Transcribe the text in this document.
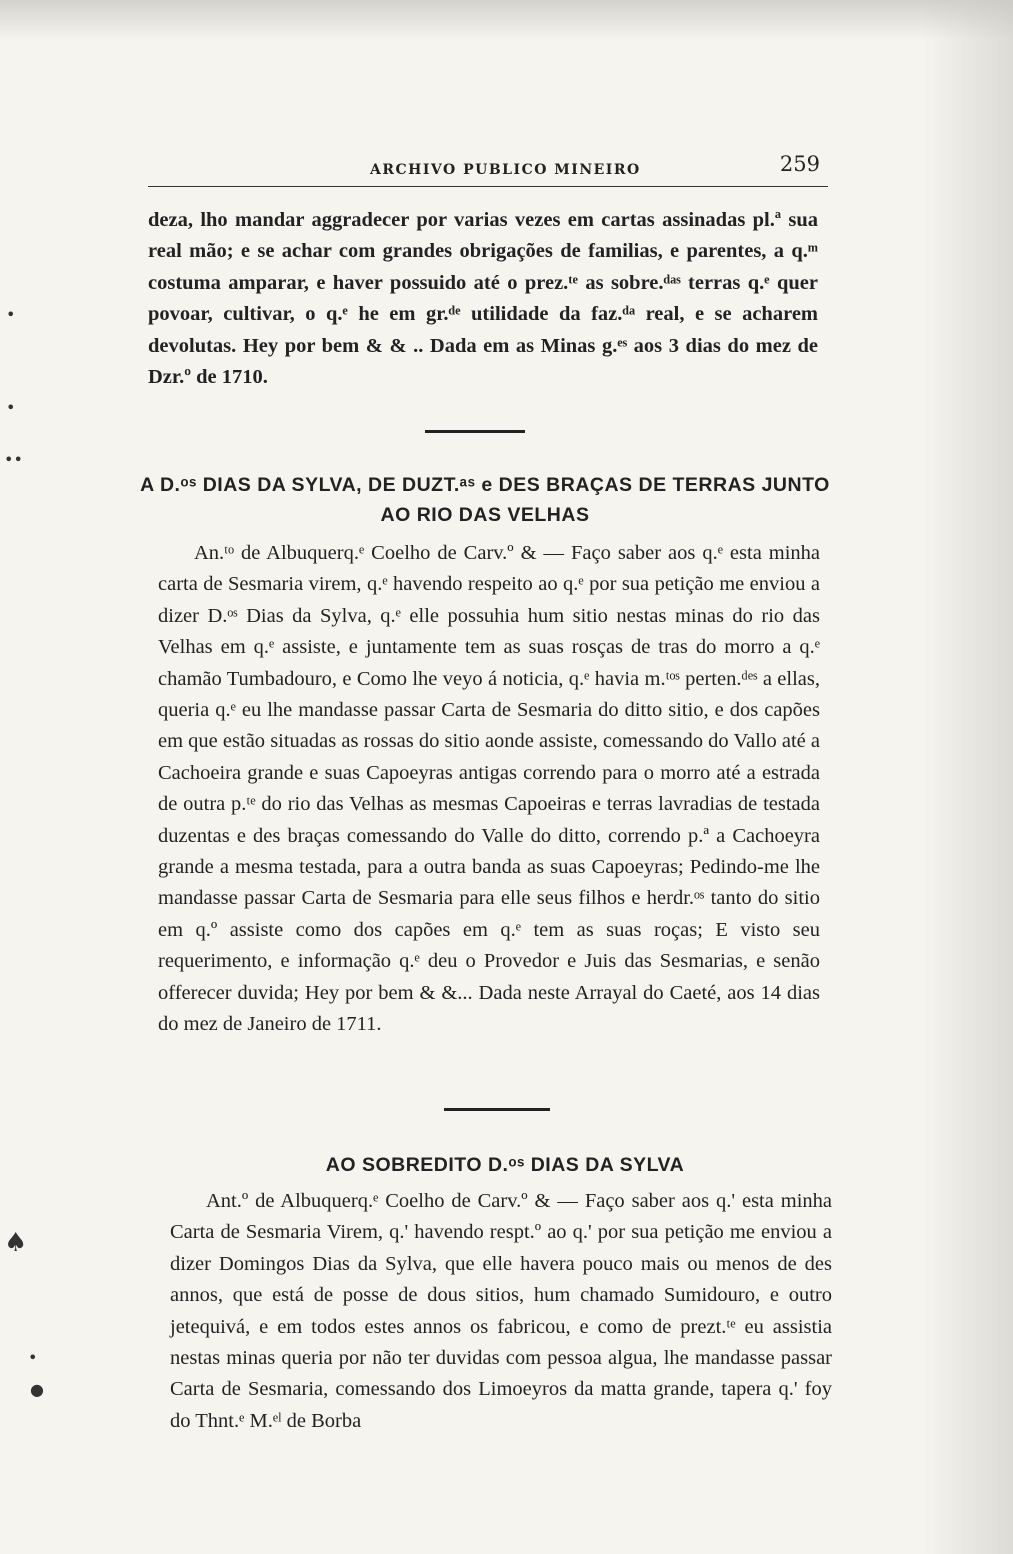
ARCHIVO PUBLICO MINEIRO	259

deza, lho mandar aggradecer por varias vezes em cartas assinadas pl.ª sua real mão; e se achar com grandes obrigações de familias, e parentes, a q.ᵐ costuma amparar, e haver possuido até o prez.ᵗᵉ as sobre.ᵈᵃˢ terras q.ᵉ quer povoar, cultivar, o q.ᵉ he em gr.ᵈᵉ utilidade da faz.ᵈᵃ real, e se acharem devolutas. Hey por bem & & .. Dada em as Minas g.ᵉˢ aos 3 dias do mez de Dzr.º de 1710.

A D.ᵒˢ DIAS DA SYLVA, DE DUZT.ᵃˢ e DES BRAÇAS DE TERRAS JUNTO AO RIO DAS VELHAS

An.ᵗᵒ de Albuquerq.ᵉ Coelho de Carv.º & — Faço saber aos q.ᵉ esta minha carta de Sesmaria virem, q.ᵉ havendo respeito ao q.ᵉ por sua petição me enviou a dizer D.ᵒˢ Dias da Sylva, q.ᵉ elle possuhia hum sitio nestas minas do rio das Velhas em q.ᵉ assiste, e juntamente tem as suas rosças de tras do morro a q.ᵉ chamão Tumbadouro, e Como lhe veyo á noticia, q.ᵉ havia m.ᵗᵒˢ perten.ᵈᵉˢ a ellas, queria q.ᵉ eu lhe mandasse passar Carta de Sesmaria do ditto sitio, e dos capões em que estão situadas as rossas do sitio aonde assiste, comessando do Vallo até a Cachoeira grande e suas Capoeyras antigas correndo para o morro até a estrada de outra p.ᵗᵉ do rio das Velhas as mesmas Capoeiras e terras lavradias de testada duzentas e des braças comessando do Valle do ditto, correndo p.ª a Cachoeyra grande a mesma testada, para a outra banda as suas Capoeyras; Pedindo-me lhe mandasse passar Carta de Sesmaria para elle seus filhos e herdr.ᵒˢ tanto do sitio em q.º assiste como dos capões em q.ᵉ tem as suas roças; E visto seu requerimento, e informação q.ᵉ deu o Provedor e Juis das Sesmarias, e senão offerecer duvida; Hey por bem & &... Dada neste Arrayal do Caeté, aos 14 dias do mez de Janeiro de 1711.

AO SOBREDITO D.ᵒˢ DIAS DA SYLVA

Ant.º de Albuquerq.ᵉ Coelho de Carv.º & — Faço saber aos q.' esta minha Carta de Sesmaria Virem, q.' havendo respt.º ao q.' por sua petição me enviou a dizer Domingos Dias da Sylva, que elle havera pouco mais ou menos de des annos, que está de posse de dous sitios, hum chamado Sumidouro, e outro jetequivá, e em todos estes annos os fabricou, e como de prezt.ᵗᵉ eu assistia nestas minas queria por não ter duvidas com pessoa algua, lhe mandasse passar Carta de Sesmaria, comessando dos Limoeyros da matta grande, tapera q.' foy do Thnt.ᵉ M.ᵉˡ de Borba

•
•
••
♠
•
●
